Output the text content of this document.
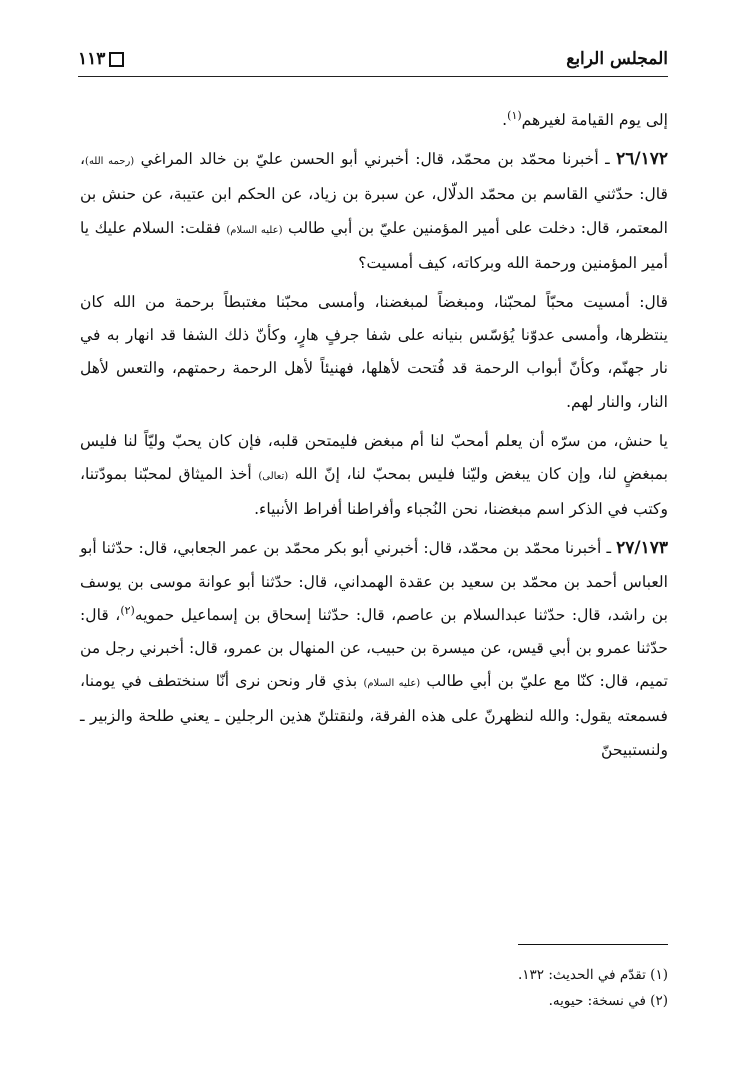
المجلس الرابع
١١٣

إلى يوم القيامة لغيرهم$^{(١)}$.

٢٦/١٧٢ ـ أخبرنا محمّد بن محمّد، قال: أخبرني أبو الحسن عليّ بن خالد المراغي (رحمه الله)، قال: حدّثني القاسم بن محمّد الدلّال، عن سبرة بن زياد، عن الحكم ابن عتيبة، عن حنش بن المعتمر، قال: دخلت على أمير المؤمنين عليّ بن أبي طالب (عليه السلام) فقلت: السلام عليك يا أمير المؤمنين ورحمة الله وبركاته، كيف أمسيت؟

قال: أمسيت محبّاً لمحبّنا، ومبغضاً لمبغضنا، وأمسى محبّنا مغتبطاً برحمة من الله كان ينتظرها، وأمسى عدوّنا يُؤسّس بنيانه على شفا جرفٍ هارٍ، وكأنّ ذلك الشفا قد انهار به في نار جهنّم، وكأنّ أبواب الرحمة قد فُتحت لأهلها، فهنيئاً لأهل الرحمة رحمتهم، والتعس لأهل النار، والنار لهم.

يا حنش، من سرّه أن يعلم أمحبّ لنا أم مبغض فليمتحن قلبه، فإن كان يحبّ وليّاً لنا فليس بمبغضٍ لنا، وإن كان يبغض وليّنا فليس بمحبّ لنا، إنّ الله (تعالى) أخذ الميثاق لمحبّنا بمودّتنا، وكتب في الذكر اسم مبغضنا، نحن النُجباء وأفراطنا أفراط الأنبياء.

٢٧/١٧٣ ـ أخبرنا محمّد بن محمّد، قال: أخبرني أبو بكر محمّد بن عمر الجعابي، قال: حدّثنا أبو العباس أحمد بن محمّد بن سعيد بن عقدة الهمداني، قال: حدّثنا أبو عوانة موسى بن يوسف بن راشد، قال: حدّثنا عبدالسلام بن عاصم، قال: حدّثنا إسحاق بن إسماعيل حمويه$^{(٢)}$، قال: حدّثنا عمرو بن أبي قيس، عن ميسرة بن حبيب، عن المنهال بن عمرو، قال: أخبرني رجل من تميم، قال: كنّا مع عليّ بن أبي طالب (عليه السلام) بذي قار ونحن نرى أنّا سنختطف في يومنا، فسمعته يقول: والله لنظهرنّ على هذه الفرقة، ولنقتلنّ هذين الرجلين ـ يعني طلحة والزبير ـ ولنستبيحنّ

(١) تقدّم في الحديث: ١٣٢.

(٢) في نسخة: حيويه.
